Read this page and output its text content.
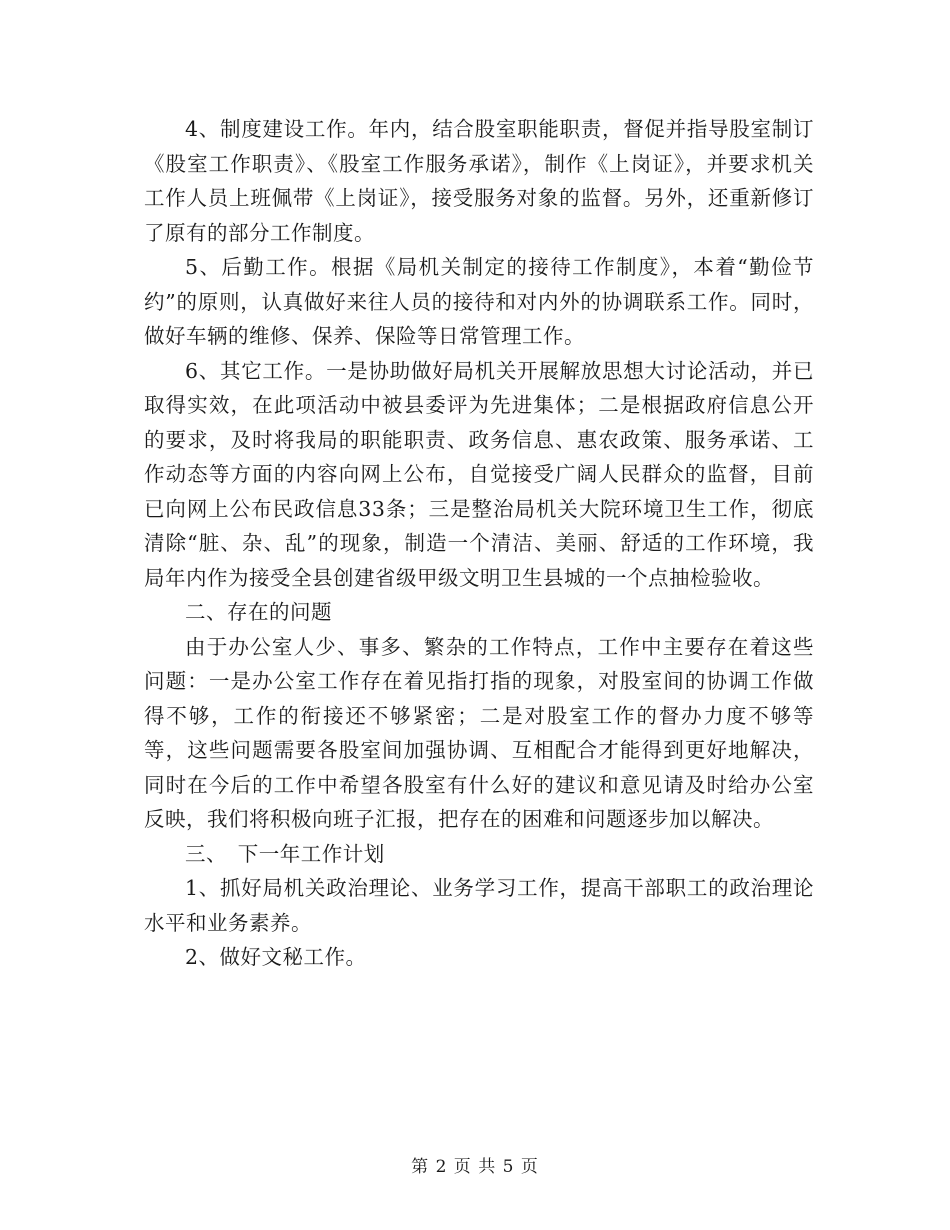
4、制度建设工作。年内，结合股室职能职责，督促并指导股室制订《股室工作职责》、《股室工作服务承诺》，制作《上岗证》，并要求机关工作人员上班佩带《上岗证》，接受服务对象的监督。另外，还重新修订了原有的部分工作制度。

5、后勤工作。根据《局机关制定的接待工作制度》，本着“勤俭节约”的原则，认真做好来往人员的接待和对内外的协调联系工作。同时，做好车辆的维修、保养、保险等日常管理工作。

6、其它工作。一是协助做好局机关开展解放思想大讨论活动，并已取得实效，在此项活动中被县委评为先进集体；二是根据政府信息公开的要求，及时将我局的职能职责、政务信息、惠农政策、服务承诺、工作动态等方面的内容向网上公布，自觉接受广阔人民群众的监督，目前已向网上公布民政信息33条；三是整治局机关大院环境卫生工作，彻底清除“脏、杂、乱”的现象，制造一个清洁、美丽、舒适的工作环境，我局年内作为接受全县创建省级甲级文明卫生县城的一个点抽检验收。

二、存在的问题

由于办公室人少、事多、繁杂的工作特点，工作中主要存在着这些问题：一是办公室工作存在着见指打指的现象，对股室间的协调工作做得不够，工作的衔接还不够紧密；二是对股室工作的督办力度不够等等，这些问题需要各股室间加强协调、互相配合才能得到更好地解决，同时在今后的工作中希望各股室有什么好的建议和意见请及时给办公室反映，我们将积极向班子汇报，把存在的困难和问题逐步加以解决。

三、　下一年工作计划

1、抓好局机关政治理论、业务学习工作，提高干部职工的政治理论水平和业务素养。

2、做好文秘工作。

第 2 页 共 5 页
